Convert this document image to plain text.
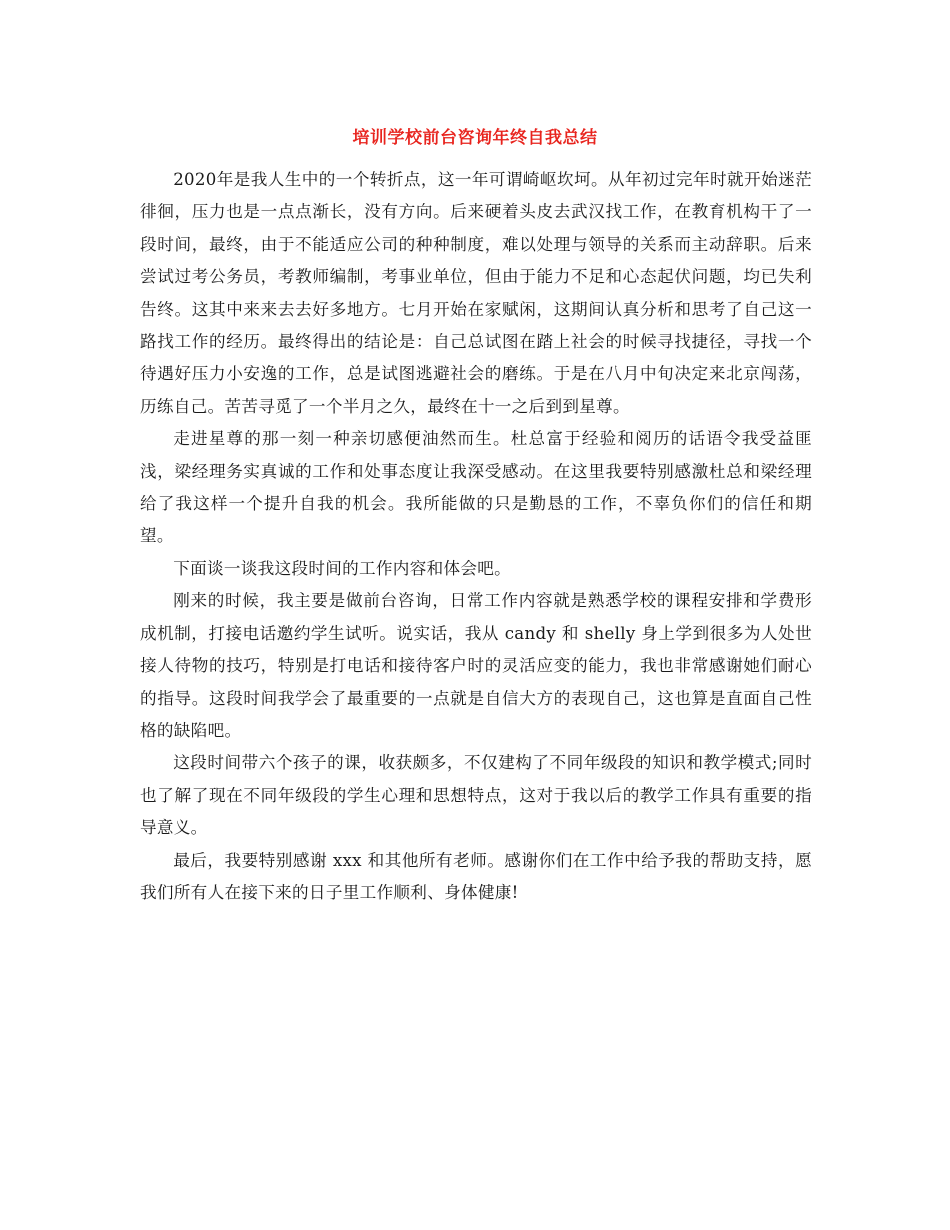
培训学校前台咨询年终自我总结

2020年是我人生中的一个转折点，这一年可谓崎岖坎坷。从年初过完年时就开始迷茫徘徊，压力也是一点点渐长，没有方向。后来硬着头皮去武汉找工作，在教育机构干了一段时间，最终，由于不能适应公司的种种制度，难以处理与领导的关系而主动辞职。后来尝试过考公务员，考教师编制，考事业单位，但由于能力不足和心态起伏问题，均已失利告终。这其中来来去去好多地方。七月开始在家赋闲，这期间认真分析和思考了自己这一路找工作的经历。最终得出的结论是：自己总试图在踏上社会的时候寻找捷径，寻找一个待遇好压力小安逸的工作，总是试图逃避社会的磨练。于是在八月中旬决定来北京闯荡，历练自己。苦苦寻觅了一个半月之久，最终在十一之后到到星尊。

走进星尊的那一刻一种亲切感便油然而生。杜总富于经验和阅历的话语令我受益匪浅，梁经理务实真诚的工作和处事态度让我深受感动。在这里我要特别感激杜总和梁经理给了我这样一个提升自我的机会。我所能做的只是勤恳的工作，不辜负你们的信任和期望。

下面谈一谈我这段时间的工作内容和体会吧。

刚来的时候，我主要是做前台咨询，日常工作内容就是熟悉学校的课程安排和学费形成机制，打接电话邀约学生试听。说实话，我从 candy 和 shelly 身上学到很多为人处世接人待物的技巧，特别是打电话和接待客户时的灵活应变的能力，我也非常感谢她们耐心的指导。这段时间我学会了最重要的一点就是自信大方的表现自己，这也算是直面自己性格的缺陷吧。

这段时间带六个孩子的课，收获颇多，不仅建构了不同年级段的知识和教学模式;同时也了解了现在不同年级段的学生心理和思想特点，这对于我以后的教学工作具有重要的指导意义。

最后，我要特别感谢 xxx 和其他所有老师。感谢你们在工作中给予我的帮助支持，愿我们所有人在接下来的日子里工作顺利、身体健康!
